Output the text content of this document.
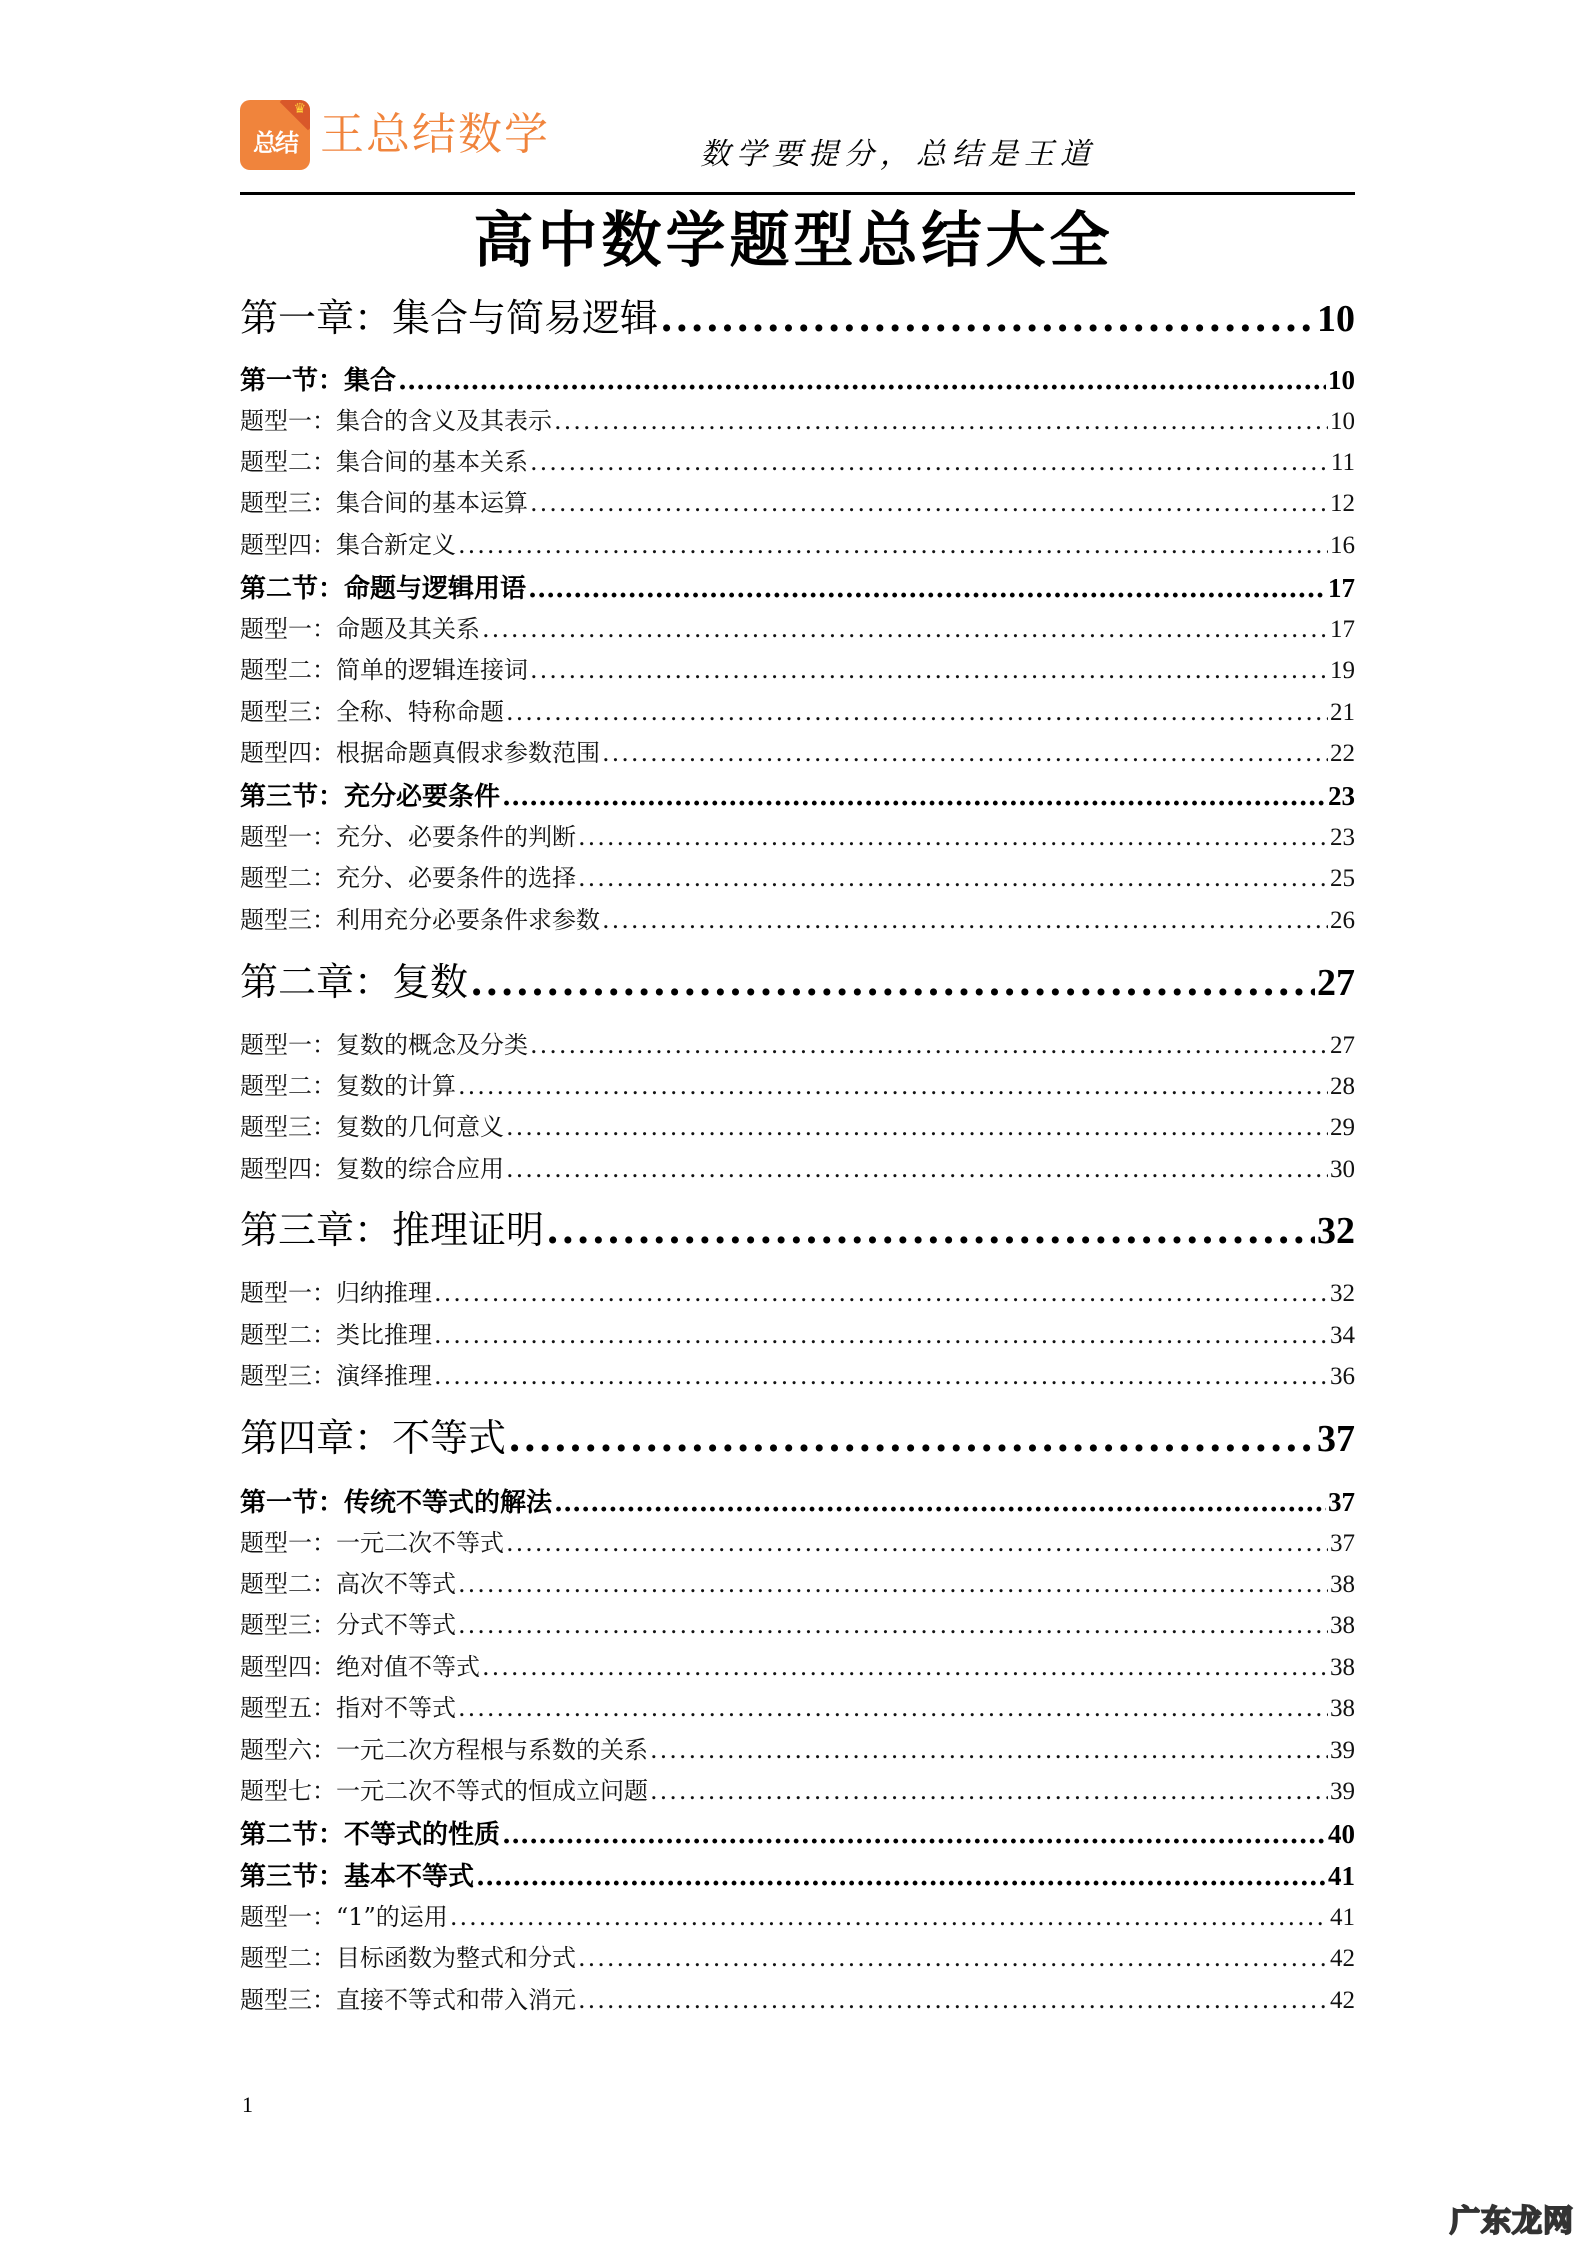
♛
总结 王总结数学	数学要提分，总结是王道
高中数学题型总结大全
第一章：集合与简易逻辑 .....	10
第一节：集合 .....	10
题型一：集合的含义及其表示 .....	10
题型二：集合间的基本关系 .....	11
题型三：集合间的基本运算 .....	12
题型四：集合新定义 .....	16
第二节：命题与逻辑用语 .....	17
题型一：命题及其关系 .....	17
题型二：简单的逻辑连接词 .....	19
题型三：全称、特称命题 .....	21
题型四：根据命题真假求参数范围 .....	22
第三节：充分必要条件 .....	23
题型一：充分、必要条件的判断 .....	23
题型二：充分、必要条件的选择 .....	25
题型三：利用充分必要条件求参数 .....	26
第二章：复数 .....	27
题型一：复数的概念及分类 .....	27
题型二：复数的计算 .....	28
题型三：复数的几何意义 .....	29
题型四：复数的综合应用 .....	30
第三章：推理证明 .....	32
题型一：归纳推理 .....	32
题型二：类比推理 .....	34
题型三：演绎推理 .....	36
第四章：不等式 .....	37
第一节：传统不等式的解法 .....	37
题型一：一元二次不等式 .....	37
题型二：高次不等式 .....	38
题型三：分式不等式 .....	38
题型四：绝对值不等式 .....	38
题型五：指对不等式 .....	38
题型六：一元二次方程根与系数的关系 .....	39
题型七：一元二次不等式的恒成立问题 .....	39
第二节：不等式的性质 .....	40
第三节：基本不等式 .....	41
题型一：“1”的运用 .....	41
题型二：目标函数为整式和分式 .....	42
题型三：直接不等式和带入消元 .....	42
1
广东龙网
